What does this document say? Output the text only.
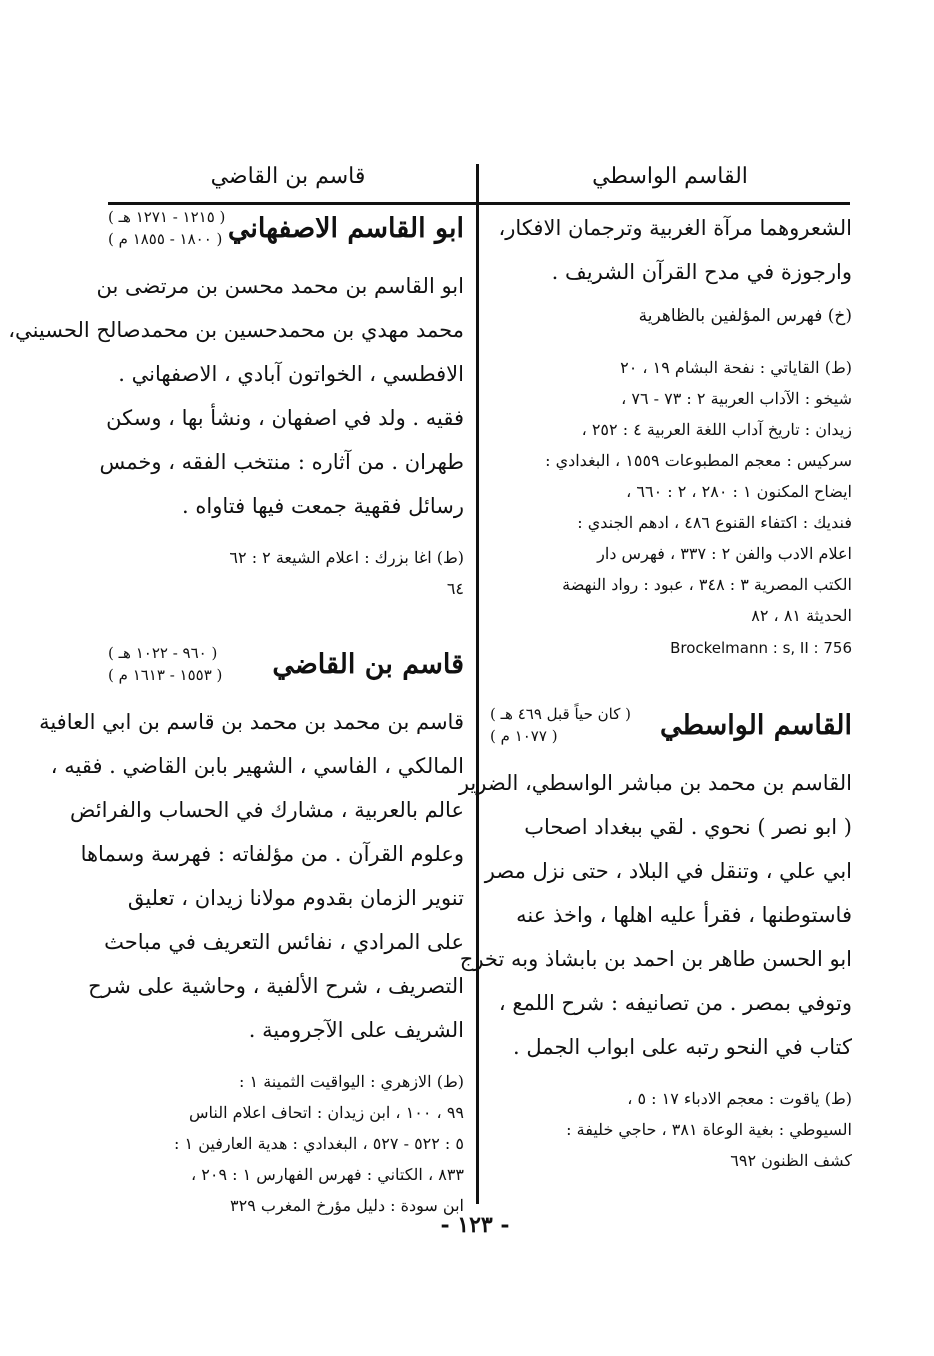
القاسم الواسطي
قاسم بن القاضي
الشعروهما مرآة الغربية وترجمان الافكار،
وارجوزة في مدح القرآن الشريف .
(خ) فهرس المؤلفين بالظاهرية
(ط) القاياتي : نفحة البشام ١٩ ، ٢٠
شيخو : الآداب العربية ٢ : ٧٣ - ٧٦ ،
زيدان : تاريخ آداب اللغة العربية ٤ : ٢٥٢ ،
سركيس : معجم المطبوعات ١٥٥٩ ، البغدادي :
ايضاح المكنون ١ : ٢٨٠ ، ٢ : ٦٦٠ ،
فنديك : اكتفاء القنوع ٤٨٦ ، ادهم الجندي :
اعلام الادب والفن ٢ : ٣٣٧ ، فهرس دار
الكتب المصرية ٣ : ٣٤٨ ، عبود : رواد النهضة
الحديثة ٨١ ، ٨٢
Brockelmann : s, II : 756
القاسم الواسطي
( كان حياً قبل ٤٦٩ هـ )
( ١٠٧٧ م )
القاسم بن محمد بن مباشر الواسطي، الضرير
( ابو نصر ) نحوي . لقي ببغداد اصحاب
ابي علي ، وتنقل في البلاد ، حتى نزل مصر
فاستوطنها ، فقرأ عليه اهلها ، واخذ عنه
ابو الحسن طاهر بن احمد بن بابشاذ وبه تخرج
وتوفي بمصر . من تصانيفه : شرح اللمع ،
كتاب في النحو رتبه على ابواب الجمل .
(ط) ياقوت : معجم الادباء ١٧ : ٥ ،
السيوطي : بغية الوعاة ٣٨١ ، حاجي خليفة :
كشف الظنون ٦٩٢
ابو القاسم الاصفهاني
( ١٢١٥ - ١٢٧١ هـ )
( ١٨٠٠ - ١٨٥٥ م )
ابو القاسم بن محمد محسن بن مرتضى بن
محمد مهدي بن محمدحسين بن محمدصالح الحسيني،
الافطسي ، الخواتون آبادي ، الاصفهاني .
فقيه . ولد في اصفهان ، ونشأ بها ، وسكن
طهران . من آثاره : منتخب الفقه ، وخمس
رسائل فقهية جمعت فيها فتاواه .
(ط) اغا بزرك : اعلام الشيعة ٢ : ٦٢
٦٤
قاسم بن القاضي
( ٩٦٠ - ١٠٢٢ هـ )
( ١٥٥٣ - ١٦١٣ م )
قاسم بن محمد بن محمد بن قاسم بن ابي العافية
المالكي ، الفاسي ، الشهير بابن القاضي . فقيه ،
عالم بالعربية ، مشارك في الحساب والفرائض
وعلوم القرآن . من مؤلفاته : فهرسة وسماها
تنوير الزمان بقدوم مولانا زيدان ، تعليق
على المرادي ، نفائس التعريف في مباحث
التصريف ، شرح الألفية ، وحاشية على شرح
الشريف على الآجرومية .
(ط) الازهري : اليواقيت الثمينة ١ :
٩٩ ، ١٠٠ ، ابن زيدان : اتحاف اعلام الناس
٥ : ٥٢٢ - ٥٢٧ ، البغدادي : هدية العارفين ١ :
٨٣٣ ، الكتاني : فهرس الفهارس ١ : ٢٠٩ ،
ابن سودة : دليل مؤرخ المغرب ٣٢٩
- ١٢٣ -
